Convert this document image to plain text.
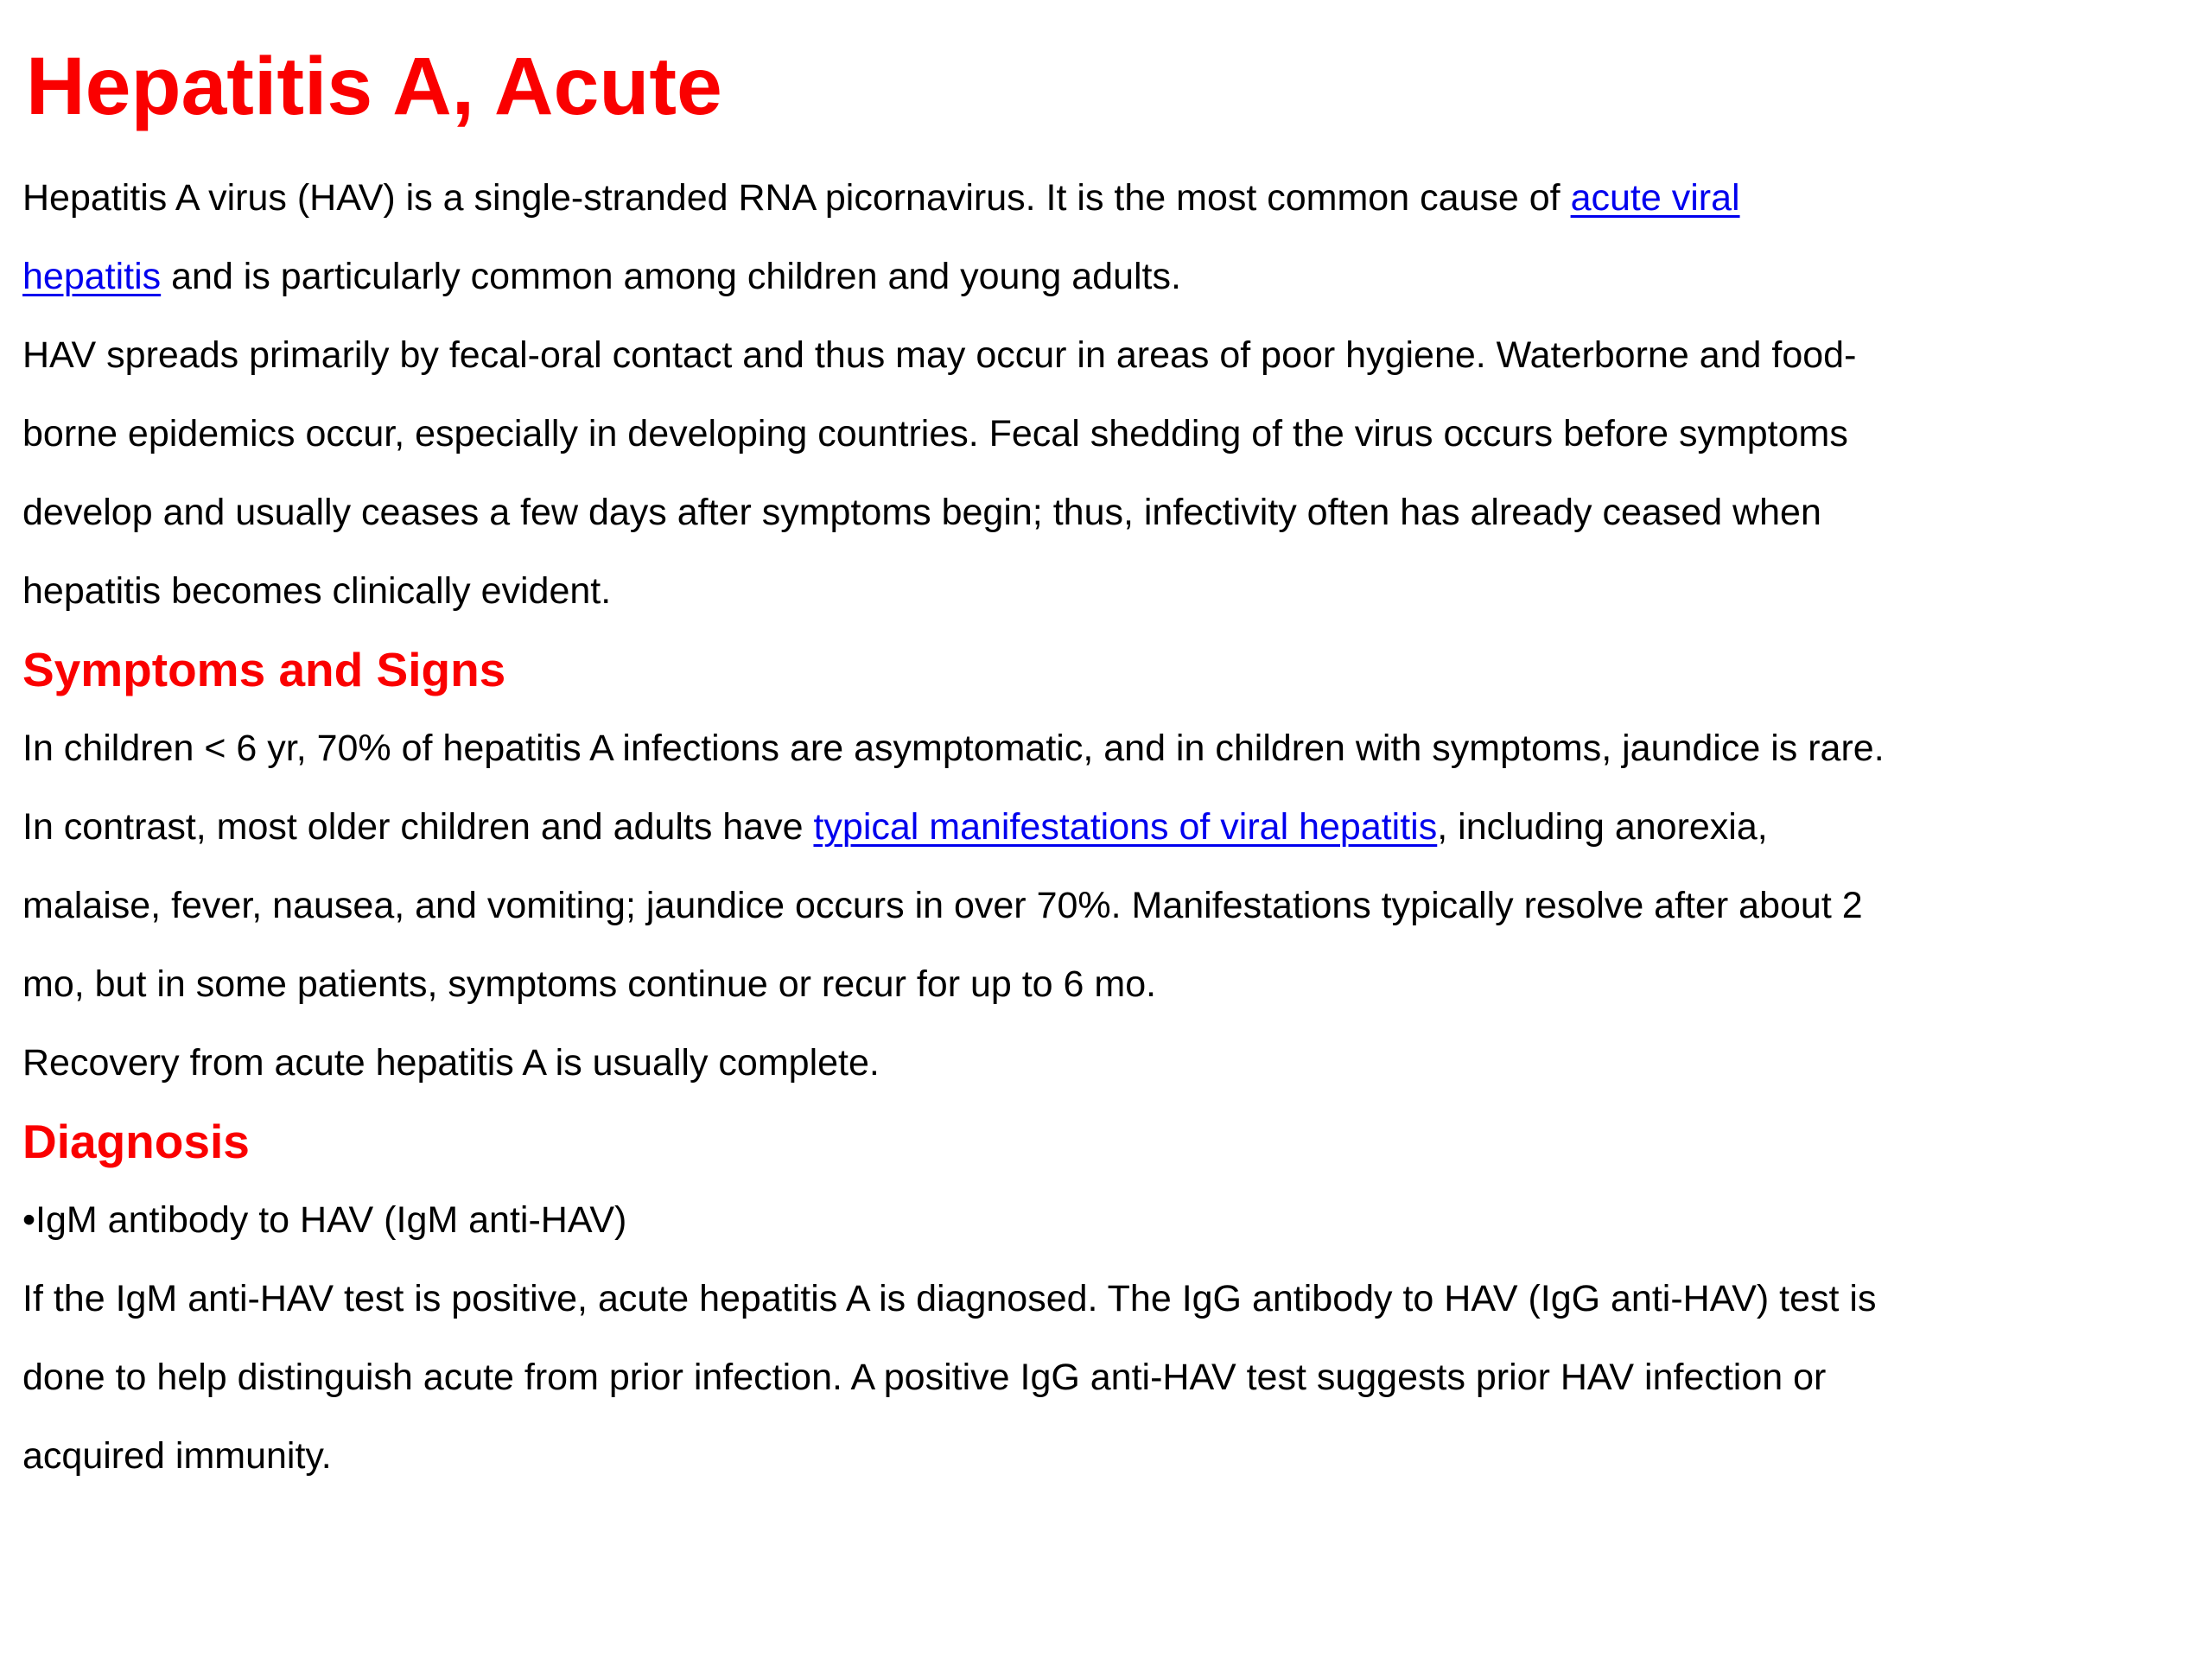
Hepatitis A, Acute
Hepatitis A virus (HAV) is a single-stranded RNA picornavirus. It is the most common cause of acute viral
hepatitis and is particularly common among children and young adults.
HAV spreads primarily by fecal-oral contact and thus may occur in areas of poor hygiene. Waterborne and food-
borne epidemics occur, especially in developing countries. Fecal shedding of the virus occurs before symptoms
develop and usually ceases a few days after symptoms begin; thus, infectivity often has already ceased when
hepatitis becomes clinically evident.
Symptoms and Signs
In children < 6 yr, 70% of hepatitis A infections are asymptomatic, and in children with symptoms, jaundice is rare.
In contrast, most older children and adults have typical manifestations of viral hepatitis, including anorexia,
malaise, fever, nausea, and vomiting; jaundice occurs in over 70%. Manifestations typically resolve after about 2
mo, but in some patients, symptoms continue or recur for up to 6 mo.
Recovery from acute hepatitis A is usually complete.
Diagnosis
•IgM antibody to HAV (IgM anti-HAV)
If the IgM anti-HAV test is positive, acute hepatitis A is diagnosed. The IgG antibody to HAV (IgG anti-HAV) test is
done to help distinguish acute from prior infection. A positive IgG anti-HAV test suggests prior HAV infection or
acquired immunity.
